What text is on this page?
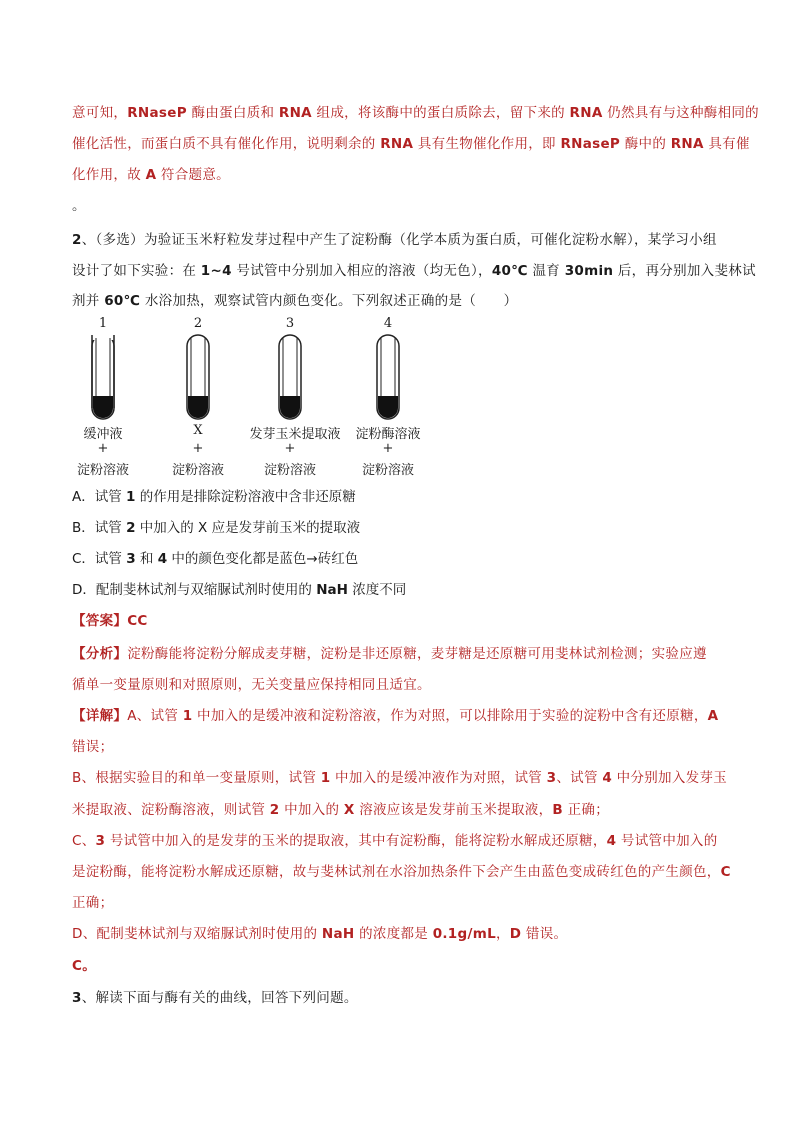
意可知，RNaseP 酶由蛋白质和 RNA 组成，将该酶中的蛋白质除去，留下来的 RNA 仍然具有与这种酶相同的
催化活性，而蛋白质不具有催化作用，说明剩余的 RNA 具有生物催化作用，即 RNaseP 酶中的 RNA 具有催
化作用，故 A 符合题意。
。
2、（多选）为验证玉米籽粒发芽过程中产生了淀粉酶（化学本质为蛋白质，可催化淀粉水解），某学习小组
设计了如下实验：在 1~4 号试管中分别加入相应的溶液（均无色），40℃ 温育 30min 后，再分别加入斐林试
剂并 60℃ 水浴加热，观察试管内颜色变化。下列叙述正确的是（　　）
1	2	3	4
缓冲液	X	发芽玉米提取液	淀粉酶溶液
+	+	+	+
淀粉溶液	淀粉溶液	淀粉溶液	淀粉溶液
A．试管 1 的作用是排除淀粉溶液中含非还原糖
B．试管 2 中加入的 X 应是发芽前玉米的提取液
C．试管 3 和 4 中的颜色变化都是蓝色→砖红色
D．配制斐林试剂与双缩脲试剂时使用的 NaH 浓度不同
【答案】CC
【分析】淀粉酶能将淀粉分解成麦芽糖，淀粉是非还原糖，麦芽糖是还原糖可用斐林试剂检测；实验应遵
循单一变量原则和对照原则，无关变量应保持相同且适宜。
【详解】A、试管 1 中加入的是缓冲液和淀粉溶液，作为对照，可以排除用于实验的淀粉中含有还原糖，A
错误；
B、根据实验目的和单一变量原则，试管 1 中加入的是缓冲液作为对照，试管 3、试管 4 中分别加入发芽玉
米提取液、淀粉酶溶液，则试管 2 中加入的 X 溶液应该是发芽前玉米提取液，B 正确；
C、3 号试管中加入的是发芽的玉米的提取液，其中有淀粉酶，能将淀粉水解成还原糖，4 号试管中加入的
是淀粉酶，能将淀粉水解成还原糖，故与斐林试剂在水浴加热条件下会产生由蓝色变成砖红色的产生颜色，C
正确；
D、配制斐林试剂与双缩脲试剂时使用的 NaH 的浓度都是 0.1g/mL，D 错误。
C。
3、解读下面与酶有关的曲线，回答下列问题。
